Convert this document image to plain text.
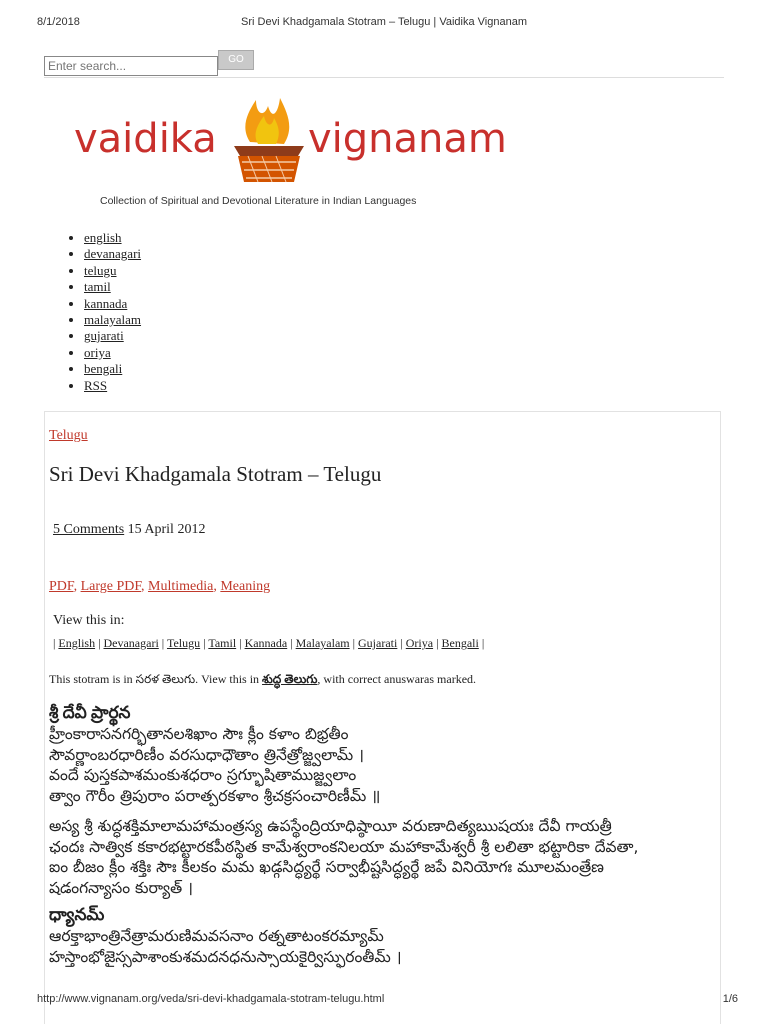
8/1/2018	Sri Devi Khadgamala Stotram – Telugu | Vaidika Vignanam
Enter search...
GO
vaidika vignanam
Collection of Spiritual and Devotional Literature in Indian Languages
• english
• devanagari
• telugu
• tamil
• kannada
• malayalam
• gujarati
• oriya
• bengali
• RSS
Telugu
Sri Devi Khadgamala Stotram – Telugu
5 Comments 15 April 2012
PDF, Large PDF, Multimedia, Meaning
View this in:
| English | Devanagari | Telugu | Tamil | Kannada | Malayalam | Gujarati | Oriya | Bengali |
This stotram is in సరళ తెలుగు. View this in శుద్ధ తెలుగు, with correct anuswaras marked.
శ్రీ దేవీ ప్రార్థన
హ్రీంకారాసనగర్భితానలశిఖాం సౌః క్లీం కళాం బిభ్రతీం
సౌవర్ణాంబరధారిణీం వరసుధాధౌతాం త్రినేత్రోజ్జ్వలామ్ ।
వందే పుస్తకపాశమంకుశధరాం స్రగ్భూషితాముజ్జ్వలాం
త్వాం గౌరీం త్రిపురాం పరాత్పరకళాం శ్రీచక్రసంచారిణీమ్ ॥
అస్య శ్రీ శుద్ధశక్తిమాలామహామంత్రస్య ఉపస్థేంద్రియాధిష్ఠాయీ వరుణాదిత్యఋషయః దేవీ గాయత్రీ
ఛందః సాత్విక కకారభట్టారకపీఠస్థిత కామేశ్వరాంకనిలయా మహాకామేశ్వరీ శ్రీ లలితా భట్టారికా దేవతా,
ఐం బీజం క్లీం శక్తిః సౌః కీలకం మమ ఖడ్గసిద్ధ్యర్థే సర్వాభీష్టసిద్ధ్యర్థే జపే వినియోగః మూలమంత్రేణ
షడంగన్యాసం కుర్యాత్ ।
ధ్యానమ్
ఆరక్తాభాంత్రినేత్రామరుణిమవసనాం రత్నతాటంకరమ్యామ్
హస్తాంభోజైస్సపాశాంకుశమదనధనుస్సాయకైర్విస్ఫురంతీమ్ ।
http://www.vignanam.org/veda/sri-devi-khadgamala-stotram-telugu.html	1/6
